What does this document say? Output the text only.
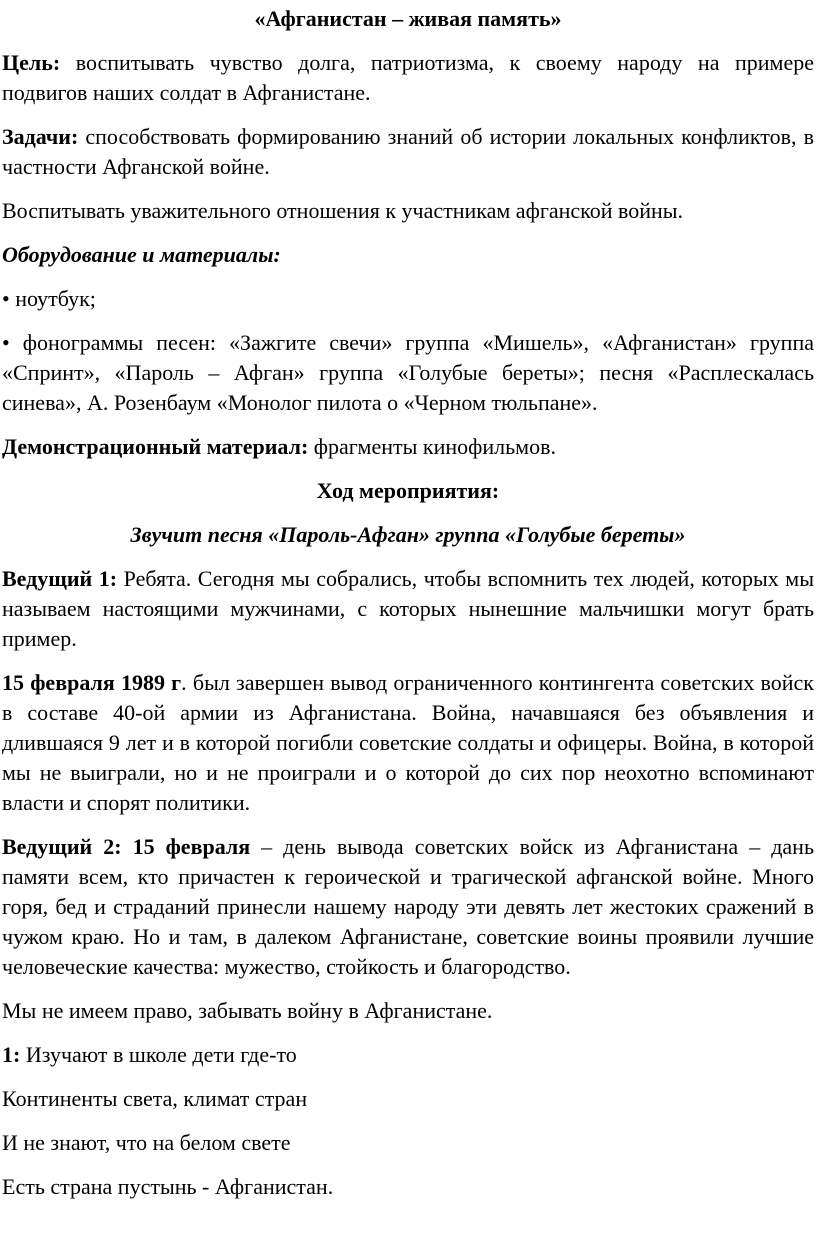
«Афганистан – живая память»

Цель: воспитывать чувство долга, патриотизма, к своему народу на примере подвигов наших солдат в Афганистане.

Задачи: способствовать формированию знаний об истории локальных конфликтов, в частности Афганской войне.

Воспитывать уважительного отношения к участникам афганской войны.

Оборудование и материалы:

• ноутбук;

• фонограммы песен: «Зажгите свечи» группа «Мишель», «Афганистан» группа «Спринт», «Пароль – Афган» группа «Голубые береты»; песня «Расплескалась синева», А. Розенбаум «Монолог пилота о «Черном тюльпане».

Демонстрационный материал: фрагменты кинофильмов.

Ход мероприятия:

Звучит песня «Пароль-Афган» группа «Голубые береты»

Ведущий 1: Ребята. Сегодня мы собрались, чтобы вспомнить тех людей, которых мы называем настоящими мужчинами, с которых нынешние мальчишки могут брать пример.

15 февраля 1989 г. был завершен вывод ограниченного контингента советских войск в составе 40-ой армии из Афганистана. Война, начавшаяся без объявления и длившаяся 9 лет и в которой погибли советские солдаты и офицеры. Война, в которой мы не выиграли, но и не проиграли и о которой до сих пор неохотно вспоминают власти и спорят политики.

Ведущий 2: 15 февраля – день вывода советских войск из Афганистана – дань памяти всем, кто причастен к героической и трагической афганской войне. Много горя, бед и страданий принесли нашему народу эти девять лет жестоких сражений в чужом краю. Но и там, в далеком Афганистане, советские воины проявили лучшие человеческие качества: мужество, стойкость и благородство.

Мы не имеем право, забывать войну в Афганистане.

1: Изучают в школе дети где-то

Континенты света, климат стран

И не знают, что на белом свете

Есть страна пустынь - Афганистан.
